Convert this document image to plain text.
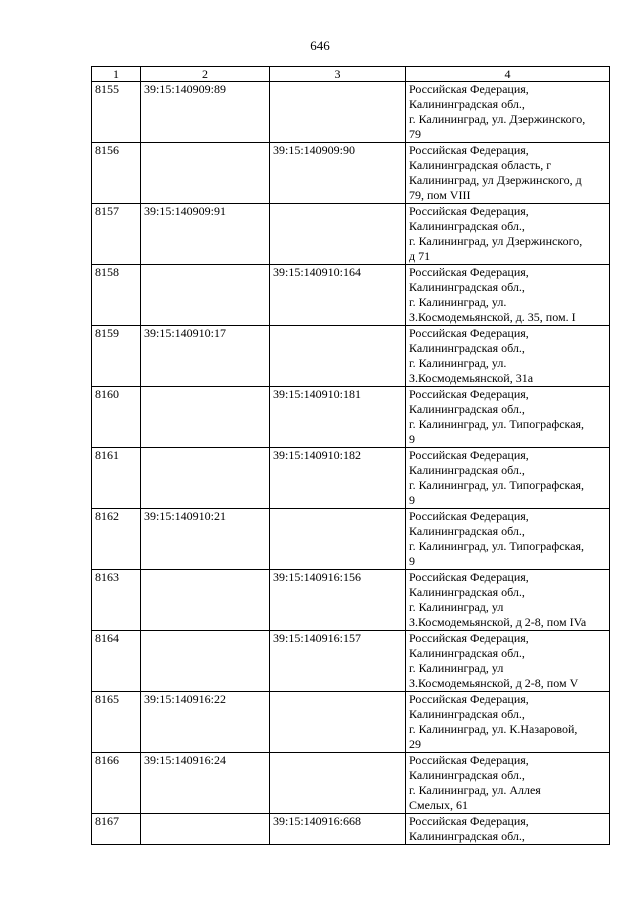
646
1	2	3	4
8155	39:15:140909:89		Российская Федерация,
Калининградская обл.,
г. Калининград, ул. Дзержинского,
79

8156		39:15:140909:90	Российская Федерация,
Калининградская область, г
Калининград, ул Дзержинского, д
79, пом VIII

8157	39:15:140909:91		Российская Федерация,
Калининградская обл.,
г. Калининград, ул Дзержинского,
д 71

8158		39:15:140910:164	Российская Федерация,
Калининградская обл.,
г. Калининград, ул.
З.Космодемьянской, д. 35, пом. I

8159	39:15:140910:17		Российская Федерация,
Калининградская обл.,
г. Калининград, ул.
З.Космодемьянской, 31а

8160		39:15:140910:181	Российская Федерация,
Калининградская обл.,
г. Калининград, ул. Типографская,
9

8161		39:15:140910:182	Российская Федерация,
Калининградская обл.,
г. Калининград, ул. Типографская,
9

8162	39:15:140910:21		Российская Федерация,
Калининградская обл.,
г. Калининград, ул. Типографская,
9

8163		39:15:140916:156	Российская Федерация,
Калининградская обл.,
г. Калининград, ул
З.Космодемьянской, д 2-8, пом IVa

8164		39:15:140916:157	Российская Федерация,
Калининградская обл.,
г. Калининград, ул
З.Космодемьянской, д 2-8, пом V

8165	39:15:140916:22		Российская Федерация,
Калининградская обл.,
г. Калининград, ул. К.Назаровой,
29

8166	39:15:140916:24		Российская Федерация,
Калининградская обл.,
г. Калининград, ул. Аллея
Смелых, 61

8167		39:15:140916:668	Российская Федерация,
Калининградская обл.,
